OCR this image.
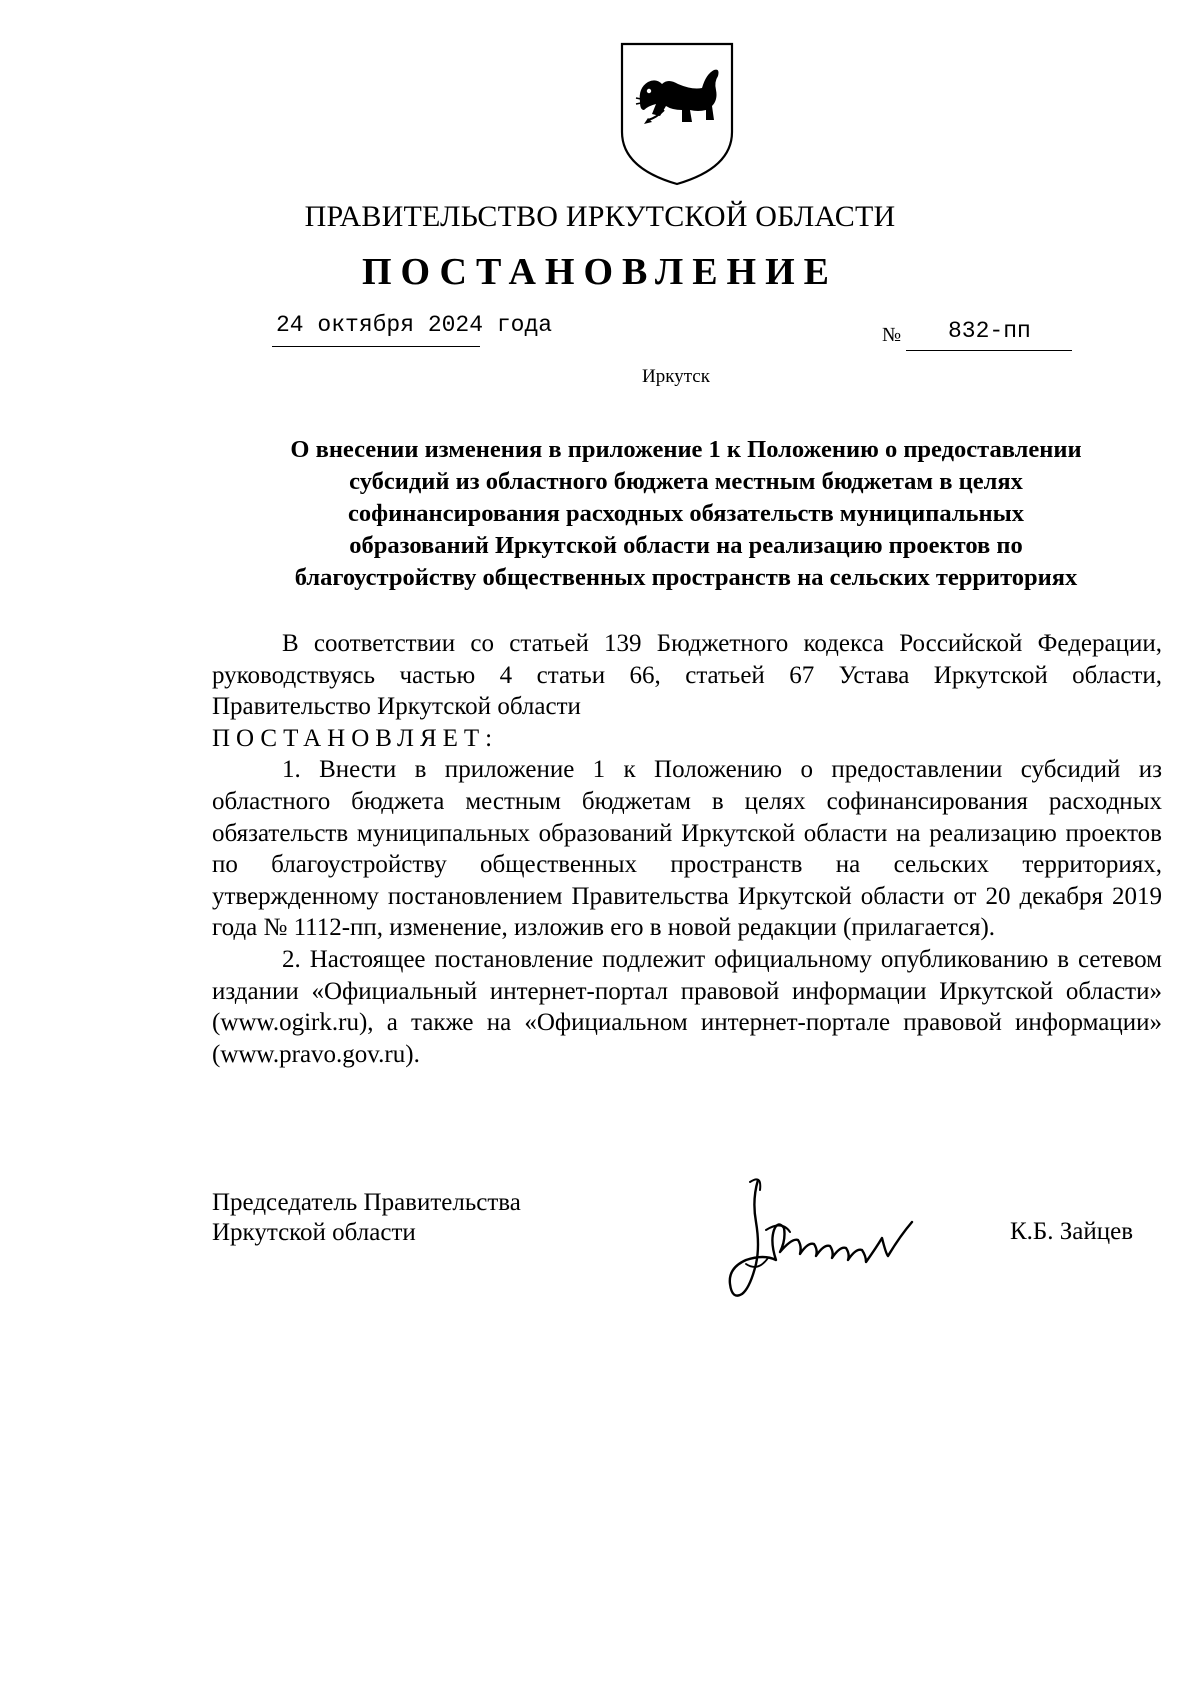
ПРАВИТЕЛЬСТВО ИРКУТСКОЙ ОБЛАСТИ
ПОСТАНОВЛЕНИЕ
24 октября 2024 года	№ 832-пп
Иркутск
О внесении изменения в приложение 1 к Положению о предоставлении
субсидий из областного бюджета местным бюджетам в целях
софинансирования расходных обязательств муниципальных
образований Иркутской области на реализацию проектов по
благоустройству общественных пространств на сельских территориях

В соответствии со статьей 139 Бюджетного кодекса Российской Федерации, руководствуясь частью 4 статьи 66, статьей 67 Устава Иркутской области, Правительство Иркутской области

ПОСТАНОВЛЯЕТ:

1. Внести в приложение 1 к Положению о предоставлении субсидий из областного бюджета местным бюджетам в целях софинансирования расходных обязательств муниципальных образований Иркутской области на реализацию проектов по благоустройству общественных пространств на сельских территориях, утвержденному постановлением Правительства Иркутской области от 20 декабря 2019 года № 1112-пп, изменение, изложив его в новой редакции (прилагается).

2. Настоящее постановление подлежит официальному опубликованию в сетевом издании «Официальный интернет-портал правовой информации Иркутской области» (www.ogirk.ru), а также на «Официальном интернет-портале правовой информации» (www.pravo.gov.ru).

Председатель Правительства
Иркутской области	К.Б. Зайцев
